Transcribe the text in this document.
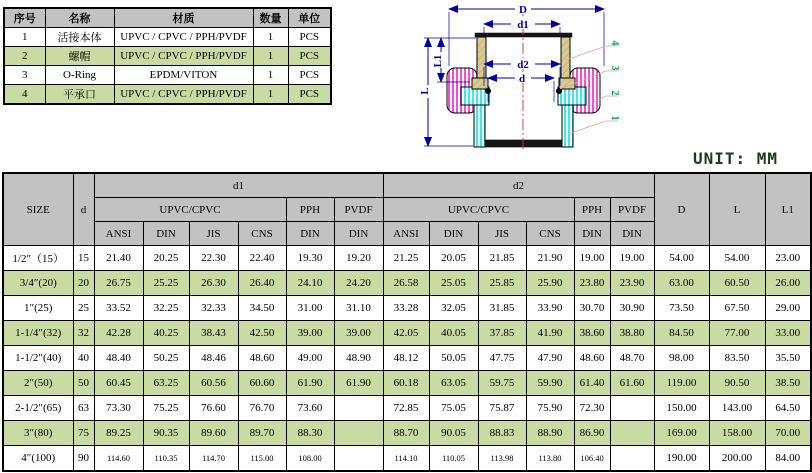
序号	名称	材质	数量	单位
1	活接本体	UPVC / CPVC / PPH/PVDF	1	PCS
2	螺帽	UPVC / CPVC / PPH/PVDF	1	PCS
3	O-Ring	EPDM/VITON	1	PCS
4	平承口	UPVC / CPVC / PPH/PVDF	1	PCS
D
d1
d2
d
L
L1
4
3
2
1
UNIT: MM
SIZE	d	d1						d2						D	L	L1
		UPVC/CPVC				PPH	PVDF	UPVC/CPVC				PPH	PVDF			
		ANSI	DIN	JIS	CNS	DIN	DIN	ANSI	DIN	JIS	CNS	DIN	DIN			
1/2″（15）	15	21.40	20.25	22.30	22.40	19.30	19.20	21.25	20.05	21.85	21.90	19.00	19.00	54.00	54.00	23.00
3/4″(20)	20	26.75	25.25	26.30	26.40	24.10	24.20	26.58	25.05	25.85	25.90	23.80	23.90	63.00	60.50	26.00
1″(25)	25	33.52	32.25	32.33	34.50	31.00	31.10	33.28	32.05	31.85	33.90	30.70	30.90	73.50	67.50	29.00
1-1/4″(32)	32	42.28	40.25	38.43	42.50	39.00	39.00	42.05	40.05	37.85	41.90	38.60	38.80	84.50	77.00	33.00
1-1/2″(40)	40	48.40	50.25	48.46	48.60	49.00	48.90	48.12	50.05	47.75	47.90	48.60	48.70	98.00	83.50	35.50
2″(50)	50	60.45	63.25	60.56	60.60	61.90	61.90	60.18	63.05	59.75	59.90	61.40	61.60	119.00	90.50	38.50
2-1/2″(65)	63	73.30	75.25	76.60	76.70	73.60		72.85	75.05	75.87	75.90	72.30		150.00	143.00	64.50
3″(80)	75	89.25	90.35	89.60	89.70	88.30		88.70	90.05	88.83	88.90	86.90		169.00	158.00	70.00
4″(100)	90	114.60	110.35	114.70	115.00	108.00		114.10	110.05	113.98	113.80	106.40		190.00	200.00	84.00
